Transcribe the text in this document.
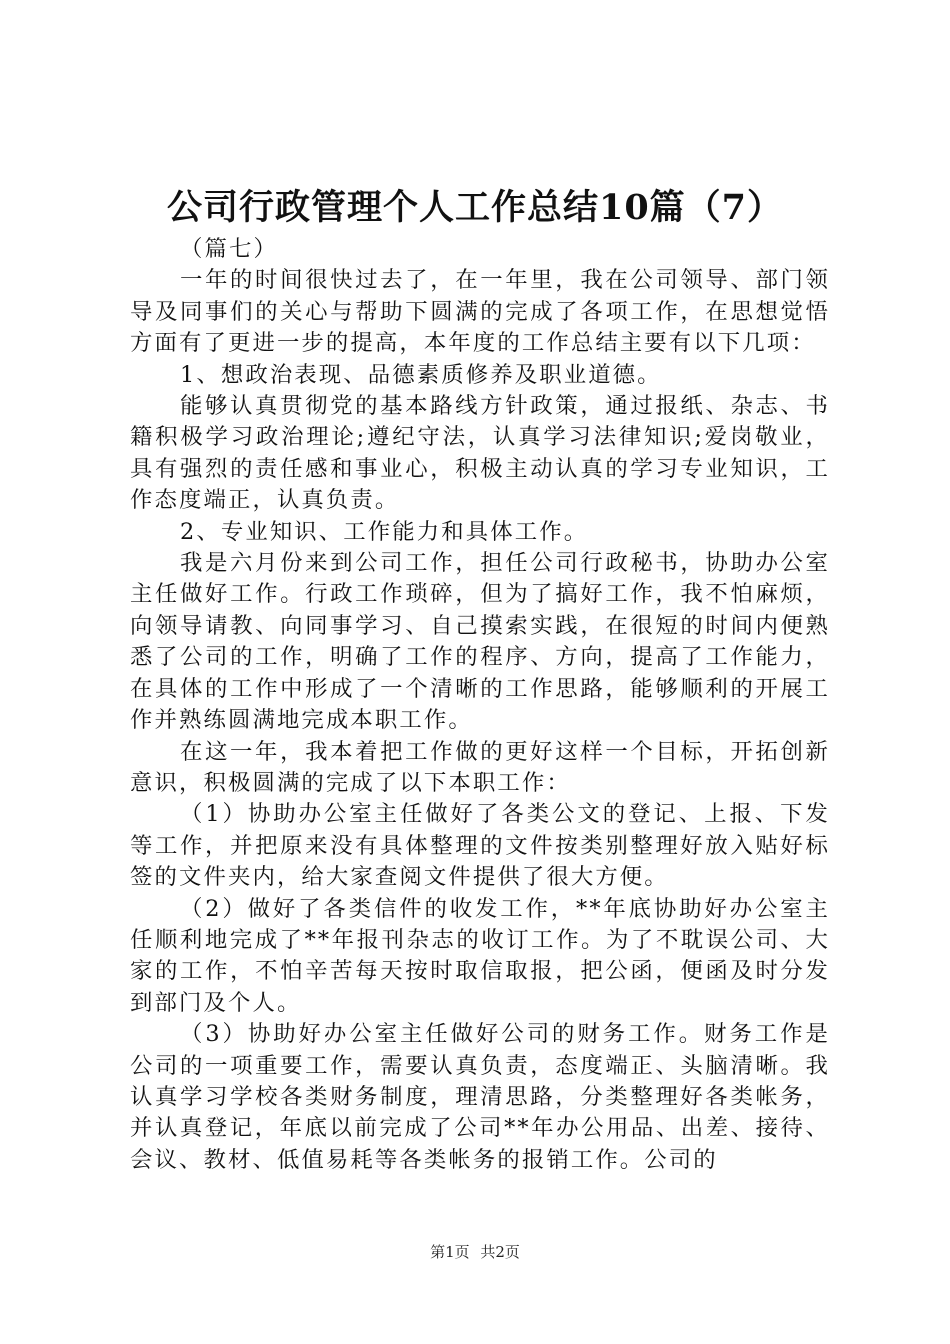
公司行政管理个人工作总结10篇（7）

（篇七）

一年的时间很快过去了，在一年里，我在公司领导、部门领导及同事们的关心与帮助下圆满的完成了各项工作，在思想觉悟方面有了更进一步的提高，本年度的工作总结主要有以下几项：

1、想政治表现、品德素质修养及职业道德。

能够认真贯彻党的基本路线方针政策，通过报纸、杂志、书籍积极学习政治理论;遵纪守法，认真学习法律知识;爱岗敬业，具有强烈的责任感和事业心，积极主动认真的学习专业知识，工作态度端正，认真负责。

2、专业知识、工作能力和具体工作。

我是六月份来到公司工作，担任公司行政秘书，协助办公室主任做好工作。行政工作琐碎，但为了搞好工作，我不怕麻烦，向领导请教、向同事学习、自己摸索实践，在很短的时间内便熟悉了公司的工作，明确了工作的程序、方向，提高了工作能力，在具体的工作中形成了一个清晰的工作思路，能够顺利的开展工作并熟练圆满地完成本职工作。

在这一年，我本着把工作做的更好这样一个目标，开拓创新意识，积极圆满的完成了以下本职工作：

（1）协助办公室主任做好了各类公文的登记、上报、下发等工作，并把原来没有具体整理的文件按类别整理好放入贴好标签的文件夹内，给大家查阅文件提供了很大方便。

（2）做好了各类信件的收发工作，**年底协助好办公室主任顺利地完成了**年报刊杂志的收订工作。为了不耽误公司、大家的工作，不怕辛苦每天按时取信取报，把公函，便函及时分发到部门及个人。

（3）协助好办公室主任做好公司的财务工作。财务工作是公司的一项重要工作，需要认真负责，态度端正、头脑清晰。我认真学习学校各类财务制度，理清思路，分类整理好各类帐务，并认真登记，年底以前完成了公司**年办公用品、出差、接待、会议、教材、低值易耗等各类帐务的报销工作。公司的

第1页 共2页
